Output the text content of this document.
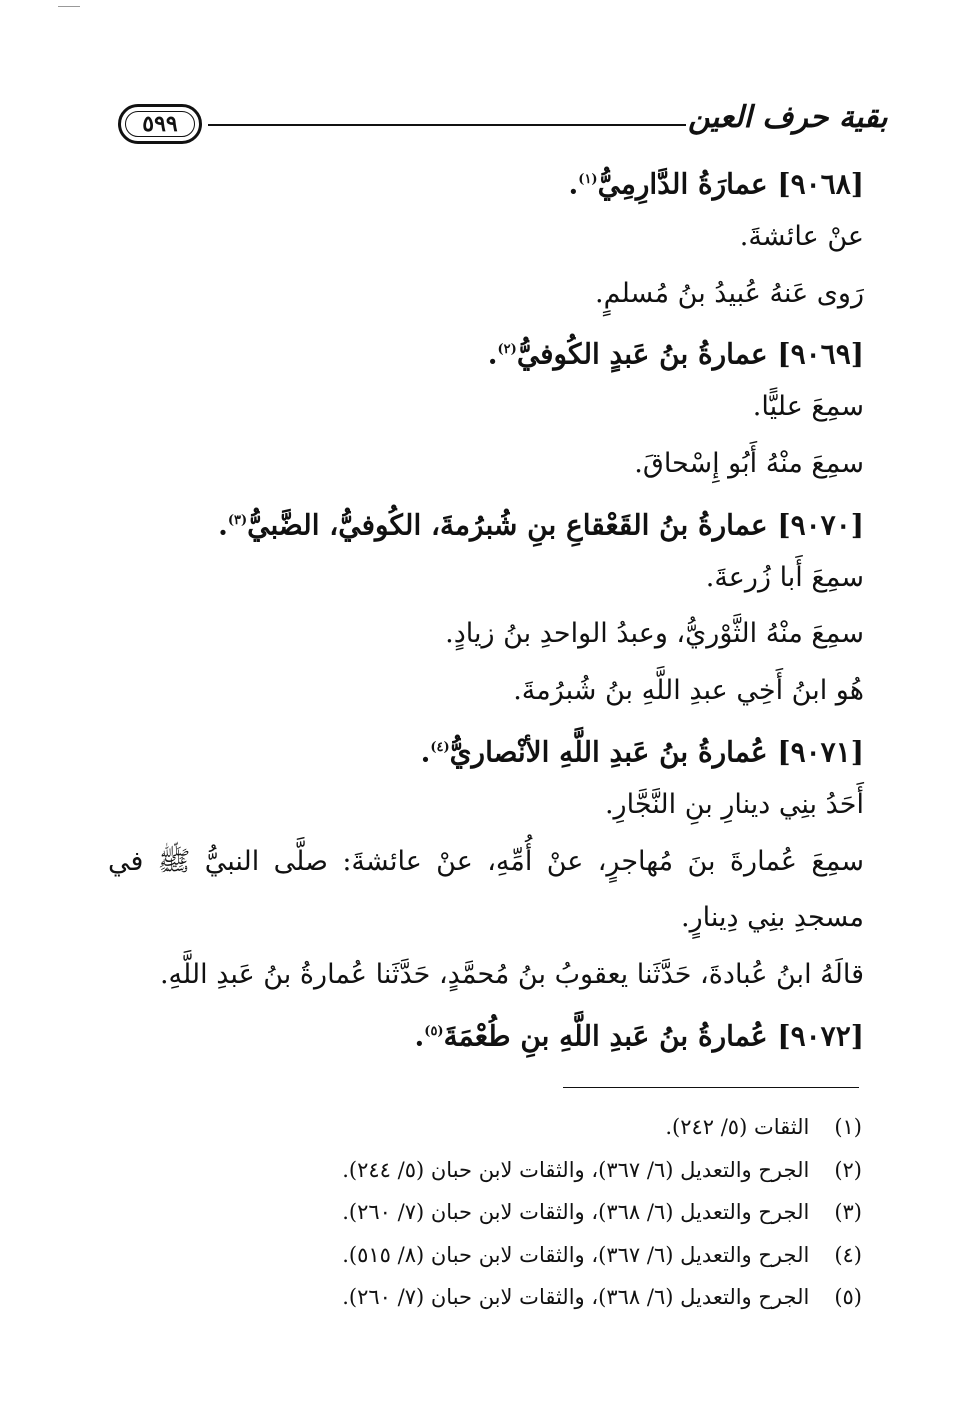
٥٩٩	بقية حرف العين
[٩٠٦٨] عمارَةُ الدَّارِمِيُّ$^{(١)}$.
عنْ عائشةَ.
رَوى عَنهُ عُبيدُ بنُ مُسلمٍ.
[٩٠٦٩] عمارةُ بنُ عَبدٍ الكُوفيُّ$^{(٢)}$.
سمِعَ عليًّا.
سمِعَ منْهُ أَبُو إِسْحاقَ.
[٩٠٧٠] عمارةُ بنُ القَعْقاعِ بنِ شُبرُمةَ، الكُوفيُّ، الضَّبيُّ$^{(٣)}$.
سمِعَ أَبا زُرعةَ.
سمِعَ منْهُ الثَّوْريُّ، وعبدُ الواحدِ بنُ زيادٍ.
هُو ابنُ أَخِي عبدِ اللَّهِ بنُ شُبرُمةَ.
[٩٠٧١] عُمارةُ بنُ عَبدِ اللَّهِ الأنْصاريُّ$^{(٤)}$.
أَحَدُ بنِي دينارِ بنِ النَّجَّارِ.
سمِعَ عُمارةَ بنَ مُهاجرٍ، عنْ أُمِّهِ، عنْ عائشةَ: صلَّى النبيُّ ﷺ في
مسجدِ بنِي دِينارٍ.
قالَهُ ابنُ عُبادةَ، حَدَّثَنا يعقوبُ بنُ مُحمَّدٍ، حَدَّثَنا عُمارةُ بنُ عَبدِ اللَّهِ.
[٩٠٧٢] عُمارةُ بنُ عَبدِ اللَّهِ بنِ طُعْمَةَ$^{(٥)}$.
(١) الثقات (٥/ ٢٤٢).
(٢) الجرح والتعديل (٦/ ٣٦٧)، والثقات لابن حبان (٥/ ٢٤٤).
(٣) الجرح والتعديل (٦/ ٣٦٨)، والثقات لابن حبان (٧/ ٢٦٠).
(٤) الجرح والتعديل (٦/ ٣٦٧)، والثقات لابن حبان (٨/ ٥١٥).
(٥) الجرح والتعديل (٦/ ٣٦٨)، والثقات لابن حبان (٧/ ٢٦٠).
